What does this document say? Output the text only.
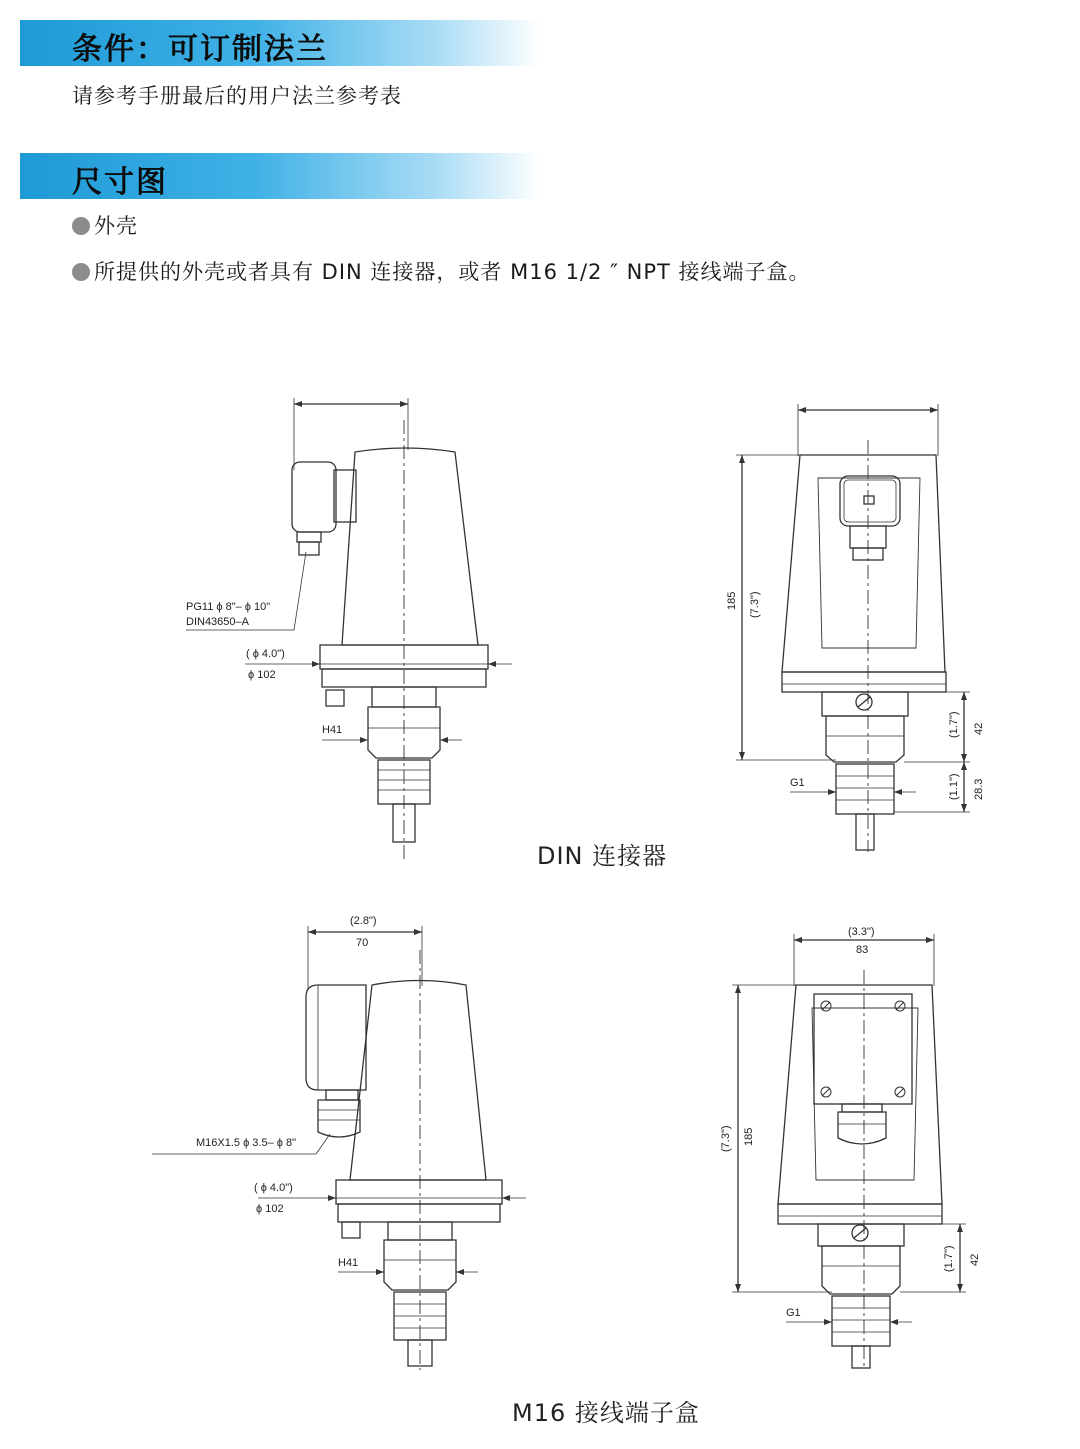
条件：可订制法兰
请参考手册最后的用户法兰参考表
尺寸图
外壳
所提供的外壳或者具有 DIN 连接器，或者 M16 1/2 ″ NPT 接线端子盒。
PG11 ϕ 8"– ϕ 10"
DIN43650–A
( ϕ 4.0")
ϕ 102
H41
185 (7.3")
(1.7") 42
(1.1") 28.3
G1
(2.8")
70
M16X1.5 ϕ 3.5– ϕ 8"
( ϕ 4.0")
ϕ 102
H41
(3.3")
83
(7.3") 185
(1.7") 42
G1
DIN 连接器
M16 接线端子盒
